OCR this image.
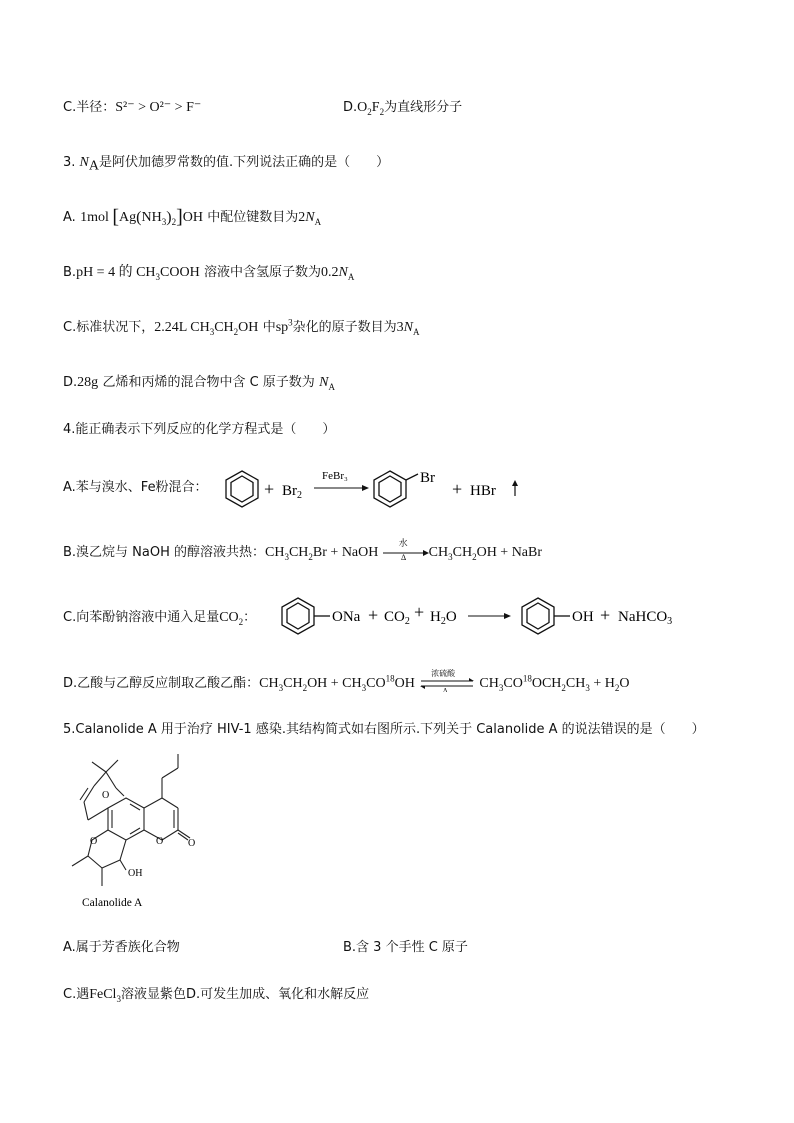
C.半径：S²⁻ > O²⁻ > F⁻	$D.O_2F_2$为直线形分子
3. $N_A$是阿伏加德罗常数的值.下列说法正确的是（　　）
A. 1mol $[Ag(NH_3)_2]OH$ 中配位键数目为$2N_A$
B.pH = 4 的 $CH_3COOH$ 溶液中含氢原子数为$0.2N_A$
C.标准状况下，2.24L $CH_3CH_2OH$ 中$sp^3$杂化的原子数目为$3N_A$
D.28g 乙烯和丙烯的混合物中含 C 原子数为 $N_A$
4.能正确表示下列反应的化学方程式是（　　）
A.苯与溴水、Fe粉混合：	+ $Br_2$
FeBr₃	Br
+ HBr
B.溴乙烷与 NaOH 的醇溶液共热：$CH_3CH_2Br$ + NaOH
水
Δ $CH_3CH_2OH$ + NaBr
C.向苯酚钠溶液中通入足量$CO_2$：	ONa + $CO_2 + H_2O$	OH + NaHCO$_3$
D.乙酸与乙醇反应制取乙酸乙酯：$CH_3CH_2OH + CH_3CO^{18}OH$
浓硫酸
Δ $CH_3CO^{18}OCH_2CH_3 + H_2O$
5.Calanolide A 用于治疗 HIV-1 感染.其结构简式如右图所示.下列关于 Calanolide A 的说法错误的是（　　）
O
O O
O
OH
Calanolide A
A.属于芳香族化合物	B.含 3 个手性 C 原子
C.遇FeCl$_3$溶液显紫色D.可发生加成、氧化和水解反应
